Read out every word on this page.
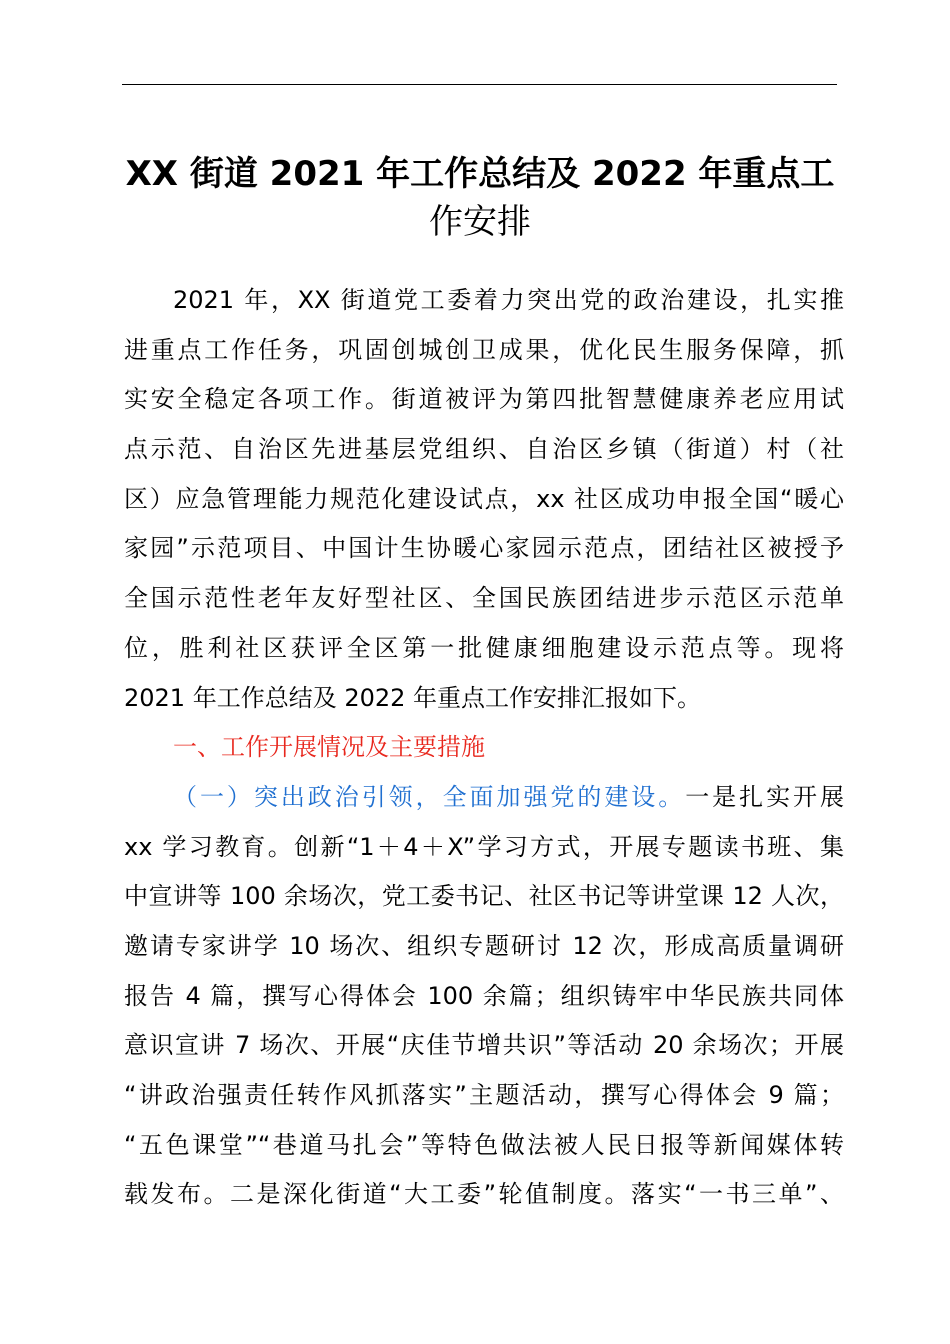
XX 街道 2021 年工作总结及 2022 年重点工
作安排
2021 年，XX 街道党工委着力突出党的政治建设，扎实推
进重点工作任务，巩固创城创卫成果，优化民生服务保障，抓
实安全稳定各项工作。街道被评为第四批智慧健康养老应用试
点示范、自治区先进基层党组织、自治区乡镇（街道）村（社
区）应急管理能力规范化建设试点，xx 社区成功申报全国“暖心
家园”示范项目、中国计生协暖心家园示范点，团结社区被授予
全国示范性老年友好型社区、全国民族团结进步示范区示范单
位，胜利社区获评全区第一批健康细胞建设示范点等。现将
2021 年工作总结及 2022 年重点工作安排汇报如下。
一、工作开展情况及主要措施
（一）突出政治引领，全面加强党的建设。一是扎实开展
xx 学习教育。创新“1＋4＋X”学习方式，开展专题读书班、集
中宣讲等 100 余场次，党工委书记、社区书记等讲堂课 12 人次，
邀请专家讲学 10 场次、组织专题研讨 12 次，形成高质量调研
报告 4 篇，撰写心得体会 100 余篇；组织铸牢中华民族共同体
意识宣讲 7 场次、开展“庆佳节增共识”等活动 20 余场次；开展
“讲政治强责任转作风抓落实”主题活动，撰写心得体会 9 篇；
“五色课堂”“巷道马扎会”等特色做法被人民日报等新闻媒体转
载发布。二是深化街道“大工委”轮值制度。落实“一书三单”、
